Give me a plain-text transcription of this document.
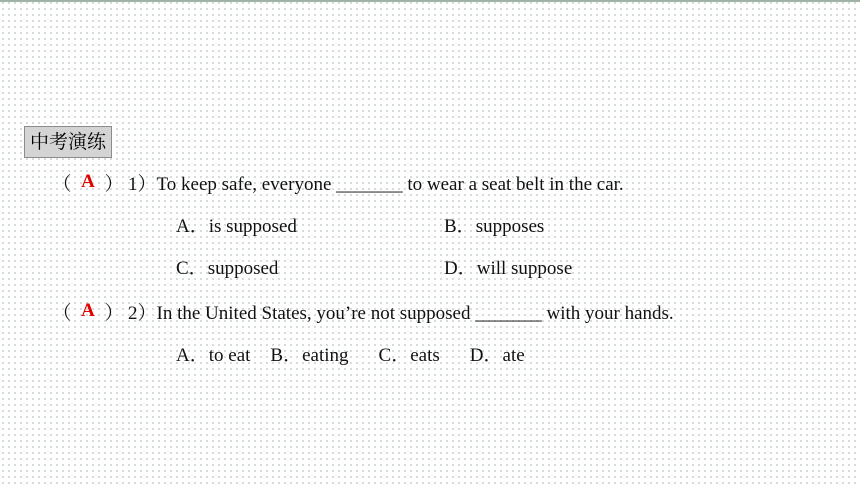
中考演练
（ A ） 1）To keep safe, everyone _______ to wear a seat belt in the car.
A．is supposed	B．supposes
C．supposed	D．will suppose
（ A ） 2）In the United States, you’re not supposed _______ with your hands.
A．to eat B．eating C．eats D．ate
